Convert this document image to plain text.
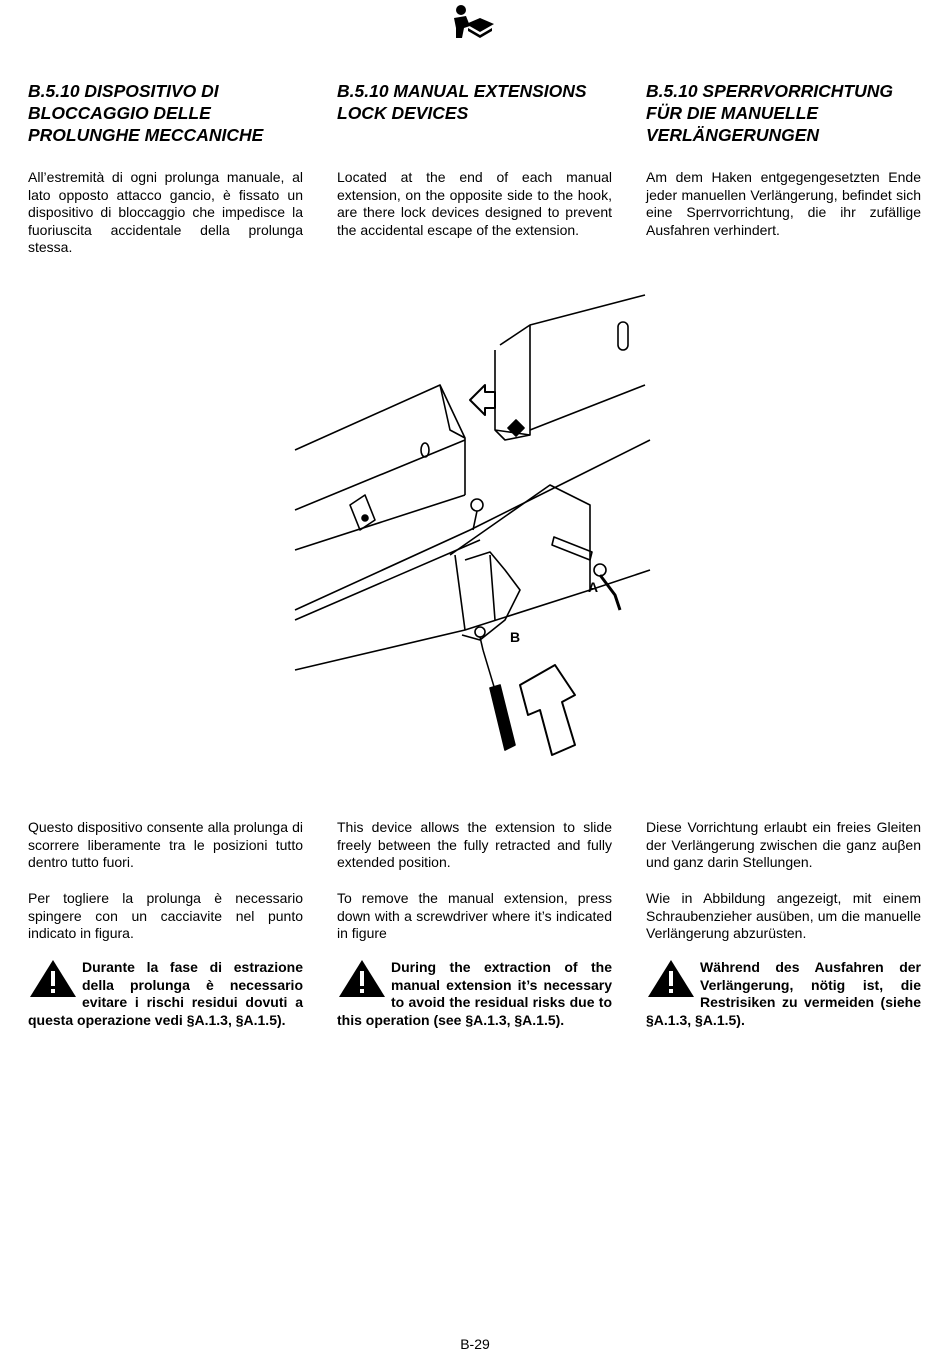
B.5.10 DISPOSITIVO DI BLOCCAGGIO DELLE PROLUNGHE MECCANICHE

All’estremità di ogni prolunga manuale, al lato opposto attacco gancio, è fissato un dispositivo di bloccaggio che impedisce la fuoriuscita accidentale della prolunga stessa.

Questo dispositivo consente alla prolunga di scorrere liberamente tra le posizioni tutto dentro tutto fuori.

Per togliere la prolunga è necessario spingere con un cacciavite nel punto indicato in figura.

Durante la fase di estrazione della prolunga è necessario evitare i rischi residui dovuti a questa operazione vedi §A.1.3, §A.1.5).
B.5.10 MANUAL EXTENSIONS LOCK DEVICES

Located at the end of each manual extension, on the opposite side to the hook, are there lock devices designed to prevent the accidental escape of the extension.

This device allows the extension to slide freely between the fully retracted and fully extended position.

To remove the manual extension, press down with a screwdriver where it’s indicated in figure

During the extraction of the manual extension it’s necessary to avoid the residual risks due to this operation (see §A.1.3, §A.1.5).
B.5.10 SPERRVORRICHTUNG FÜR DIE MANUELLE VERLÄNGERUNGEN

Am dem Haken entgegengesetzten Ende jeder manuellen Verlängerung, befindet sich eine Sperrvorrichtung, die ihr zufällige Ausfahren verhindert.

Diese Vorrichtung erlaubt ein freies Gleiten der Verlängerung zwischen die ganz auβen und ganz darin Stellungen.

Wie in Abbildung angezeigt, mit einem Schraubenzieher ausüben, um die manuelle Verlängerung abzurüsten.

Während des Ausfahren der Verlängerung, nötig ist, die Restrisiken zu vermeiden (siehe §A.1.3, §A.1.5).
A
B
B-29
